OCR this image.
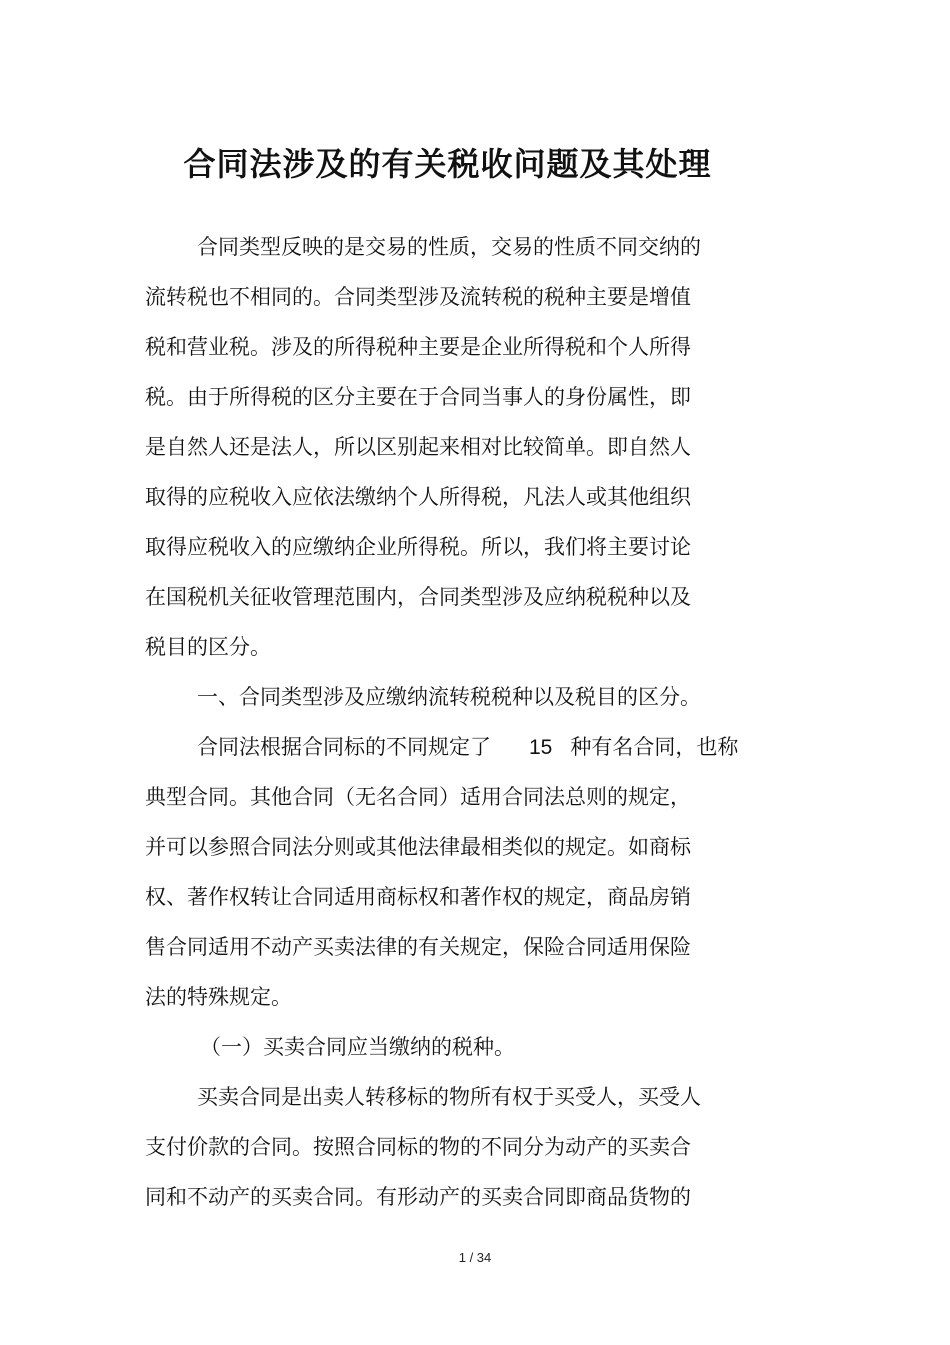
合同法涉及的有关税收问题及其处理
合同类型反映的是交易的性质，交易的性质不同交纳的
流转税也不相同的。合同类型涉及流转税的税种主要是增值
税和营业税。涉及的所得税种主要是企业所得税和个人所得
税。由于所得税的区分主要在于合同当事人的身份属性，即
是自然人还是法人，所以区别起来相对比较简单。即自然人
取得的应税收入应依法缴纳个人所得税，凡法人或其他组织
取得应税收入的应缴纳企业所得税。所以，我们将主要讨论
在国税机关征收管理范围内，合同类型涉及应纳税税种以及
税目的区分。
一、合同类型涉及应缴纳流转税税种以及税目的区分。
合同法根据合同标的不同规定了 15 种有名合同，也称
典型合同。其他合同（无名合同）适用合同法总则的规定，
并可以参照合同法分则或其他法律最相类似的规定。如商标
权、著作权转让合同适用商标权和著作权的规定，商品房销
售合同适用不动产买卖法律的有关规定，保险合同适用保险
法的特殊规定。
（一）买卖合同应当缴纳的税种。
买卖合同是出卖人转移标的物所有权于买受人，买受人
支付价款的合同。按照合同标的物的不同分为动产的买卖合
同和不动产的买卖合同。有形动产的买卖合同即商品货物的
1 / 34
